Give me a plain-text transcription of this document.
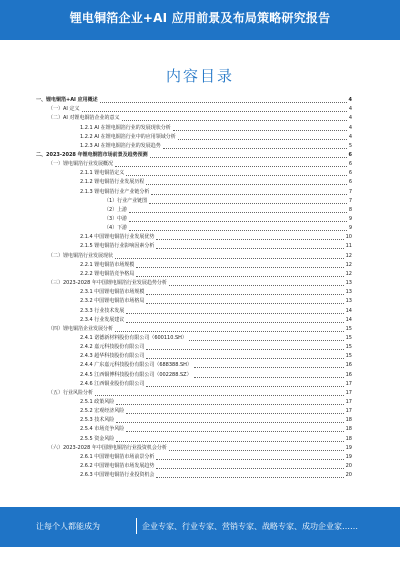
锂电铜箔企业+AI 应用前景及布局策略研究报告
内容目录
一、锂电铜箔+AI 应用概述	4
（一）AI 定义	4
（二）AI 对锂电铜箔企业的意义	4
1.2.1 AI 在锂电铜箔行业的发展现状分析	4
1.2.2 AI 在锂电铜箔行业中的应用领域分析	4
1.2.3 AI 在锂电铜箔行业的发展趋势	5
二、2023-2028 年锂电铜箔市场前景及趋势预测	6
（一）锂电铜箔行业发展概况	6
2.1.1 锂电铜箔定义	6
2.1.2 锂电铜箔行业发展历程	6
2.1.3 锂电铜箔行业产业链分析	7
（1）行业产业链图	7
（2）上游	8
（3）中游	9
（4）下游	9
2.1.4 中国锂电铜箔行业发展优势	10
2.1.5 锂电铜箔行业影响因素分析	11
（二）锂电铜箔行业发展现状	12
2.2.1 锂电铜箔市场规模	12
2.2.2 锂电铜箔竞争格局	12
（三）2023-2028 年中国锂电铜箔行业发展趋势分析	13
2.3.1 中国锂电铜箔市场规模	13
2.3.2 中国锂电铜箔市场格局	13
2.3.3 行业技术发展	14
2.3.4 行业发展建议	14
（四）锂电铜箔企业发展分析	15
2.4.1 诺德新材料股份有限公司（600110.SH）	15
2.4.2 嘉元科技股份有限公司	15
2.4.3 超华科技股份有限公司	15
2.4.4 广东嘉元科技股份有限公司（688388.SH）	16
2.4.5 江西铜博科技股份有限公司（002288.SZ）	16
2.4.6 江西铜业股份有限公司	17
（五）行业风险分析	17
2.5.1 政策风险	17
2.5.2 宏观经济风险	17
2.5.3 技术风险	18
2.5.4 市场竞争风险	18
2.5.5 资金风险	18
（六）2023-2028 年中国锂电铜箔行业投资机会分析	19
2.6.1 中国锂电铜箔市场前景分析	19
2.6.2 中国锂电铜箔市场发展趋势	20
2.6.3 中国锂电铜箔行业投资机会	20
让每个人都能成为	企业专家、行业专家、营销专家、战略专家、成功企业家……
